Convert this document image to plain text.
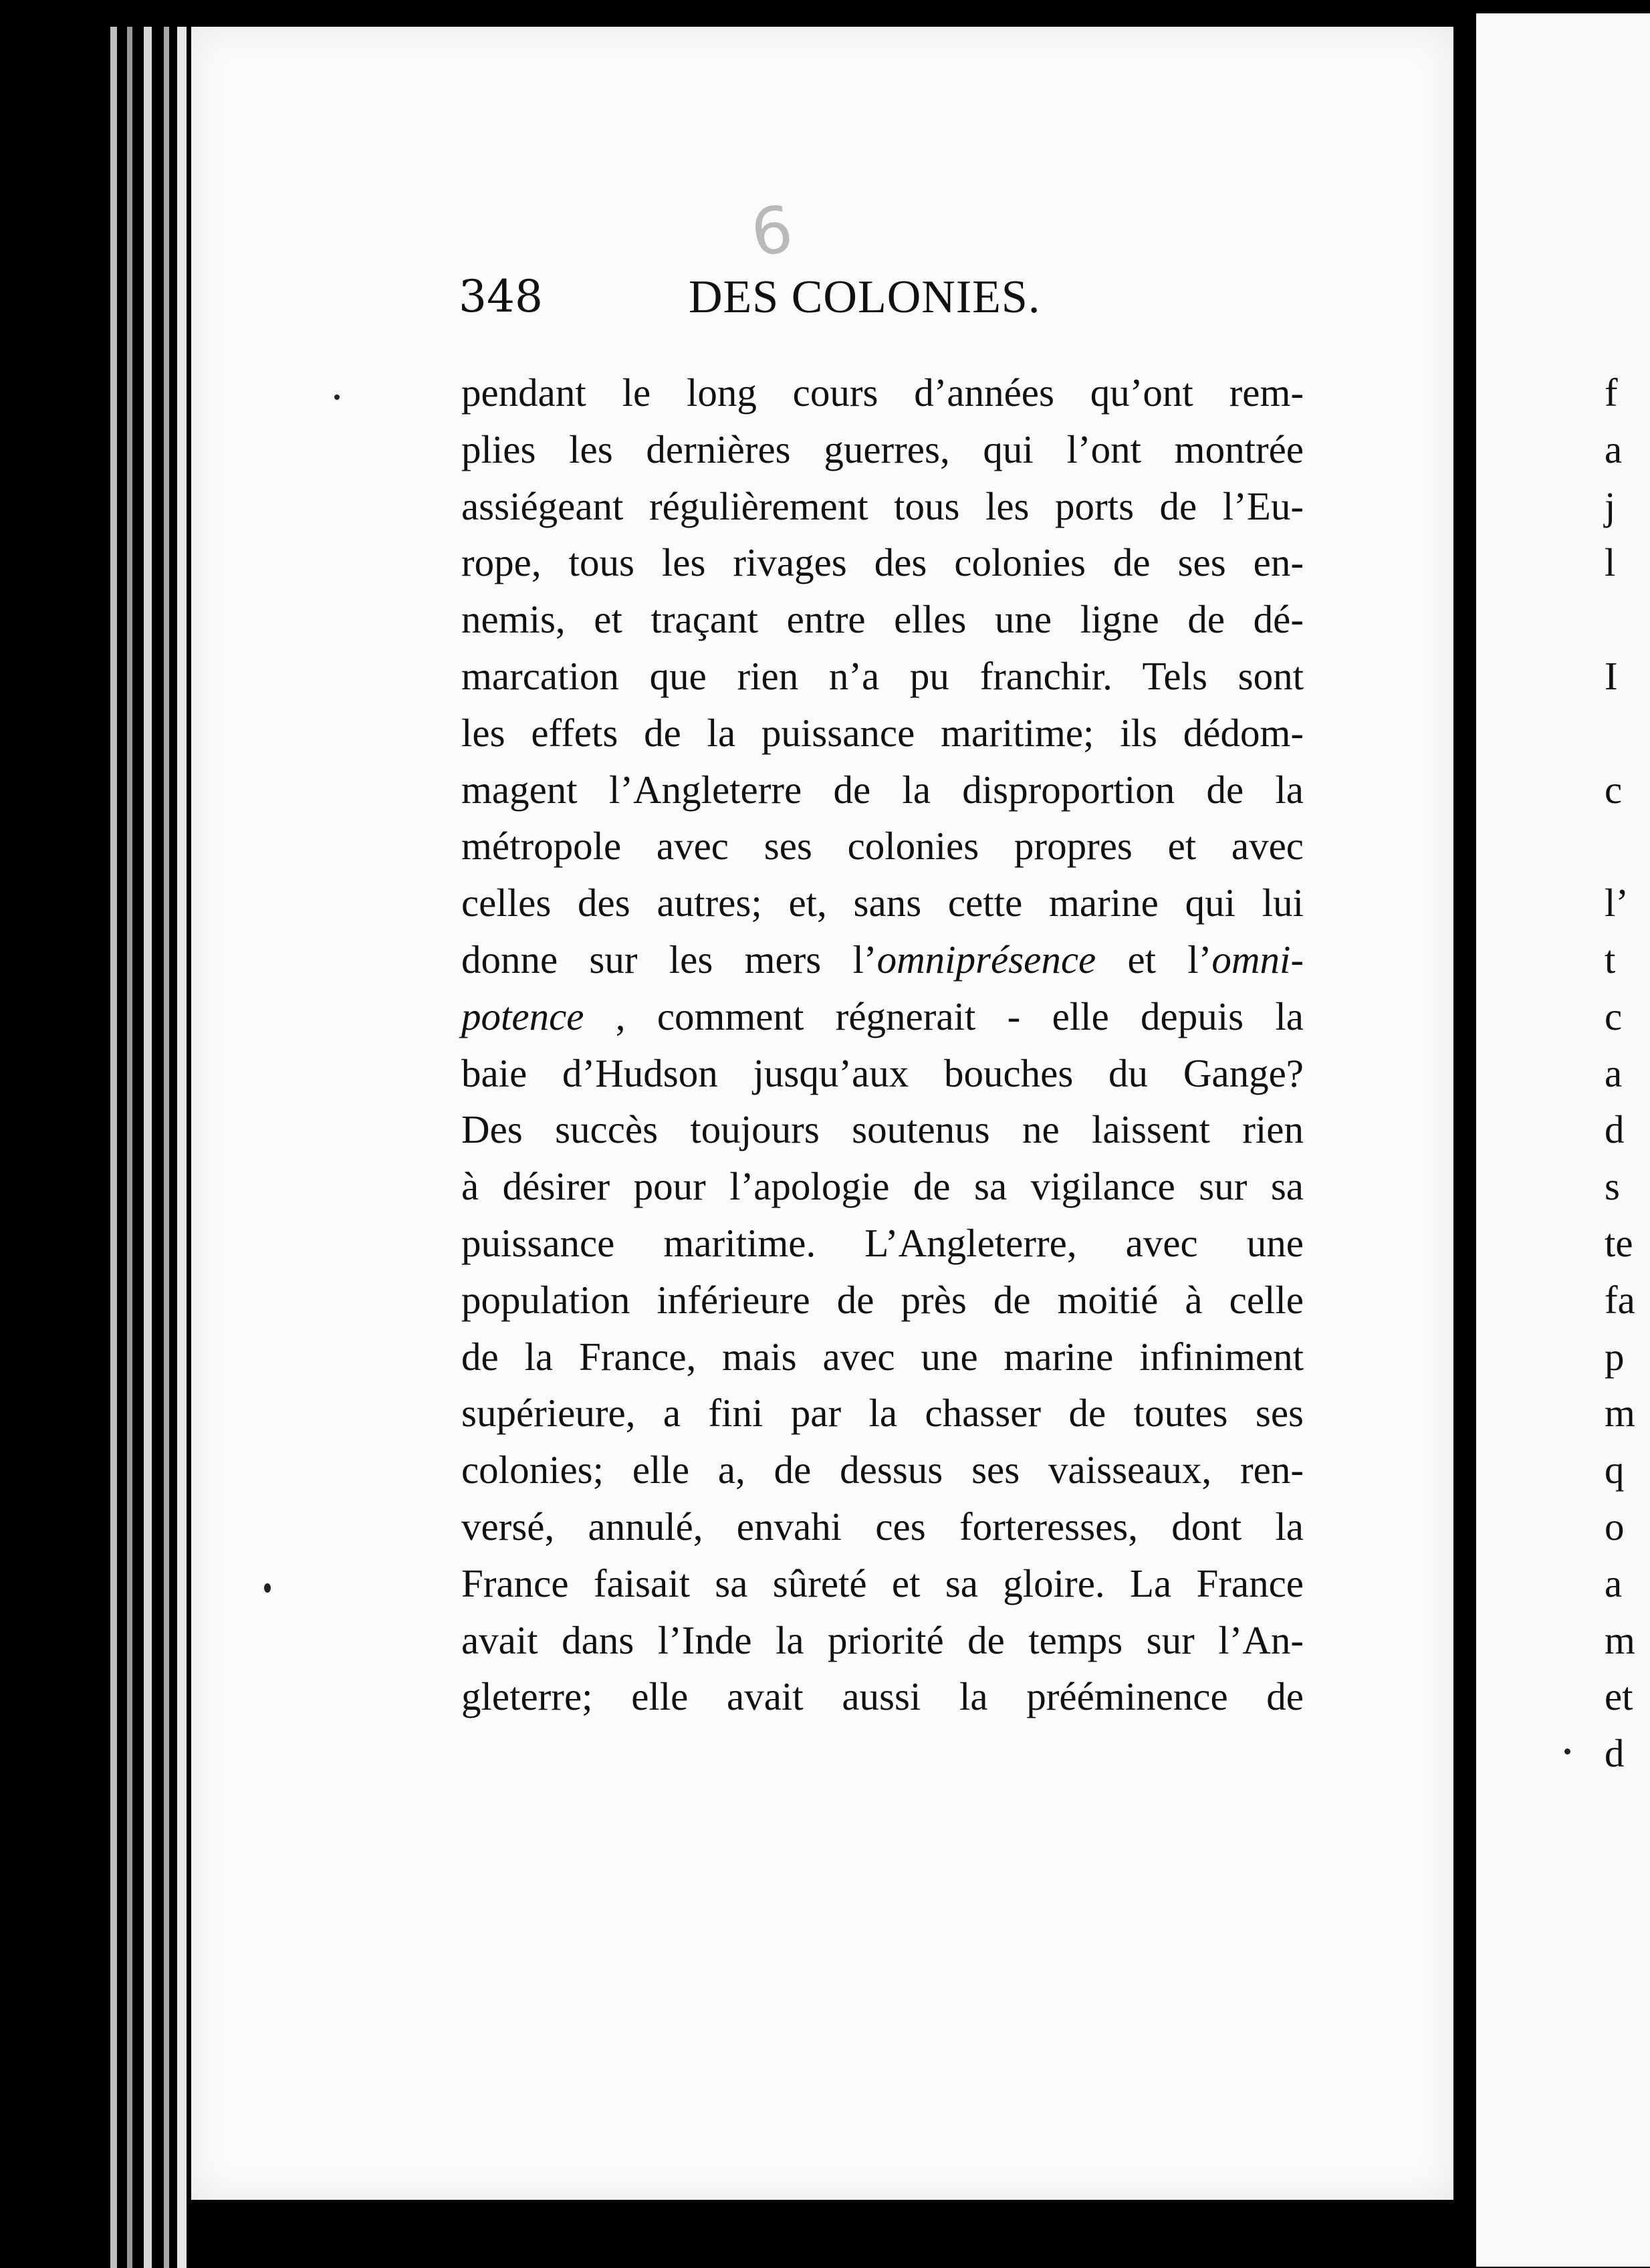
6
348	DES COLONIES.
pendant le long cours d’années qu’ont rem-
plies les dernières guerres, qui l’ont montrée
assiégeant régulièrement tous les ports de l’Eu-
rope, tous les rivages des colonies de ses en-
nemis, et traçant entre elles une ligne de dé-
marcation que rien n’a pu franchir. Tels sont
les effets de la puissance maritime; ils dédom-
magent l’Angleterre de la disproportion de la
métropole avec ses colonies propres et avec
celles des autres; et, sans cette marine qui lui
donne sur les mers l’omniprésence et l’omni-
potence , comment régnerait - elle depuis la
baie d’Hudson jusqu’aux bouches du Gange?
Des succès toujours soutenus ne laissent rien
à désirer pour l’apologie de sa vigilance sur sa
puissance maritime. L’Angleterre, avec une
population inférieure de près de moitié à celle
de la France, mais avec une marine infiniment
supérieure, a fini par la chasser de toutes ses
colonies; elle a, de dessus ses vaisseaux, ren-
versé, annulé, envahi ces forteresses, dont la
France faisait sa sûreté et sa gloire. La France
avait dans l’Inde la priorité de temps sur l’An-
gleterre; elle avait aussi la prééminence de
f
a
j
l
I
c
l’
t
c
a
d
s
te
fa
p
m
q
o
a
m
et
d
